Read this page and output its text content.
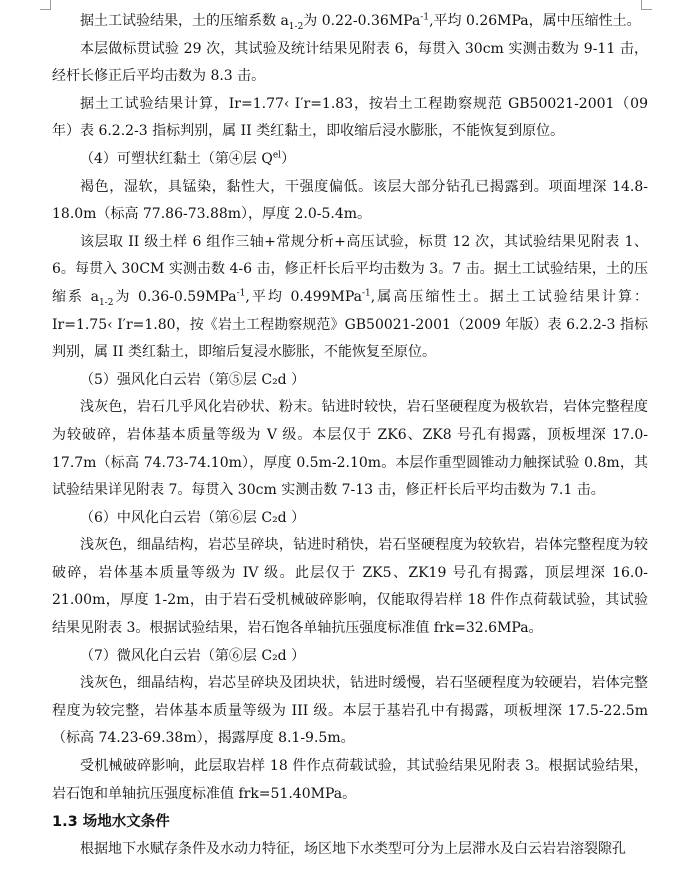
据土工试验结果，土的压缩系数 $a_{1-2}$为 0.22-0.36MPa$^{-1}$,平均 0.26MPa，属中压缩性土。

本层做标贯试验 29 次，其试验及统计结果见附表 6，每贯入 30cm 实测击数为 9-11 击，经杆长修正后平均击数为 8.3 击。

据土工试验结果计算，Ir=1.77‹ I′r=1.83，按岩土工程勘察规范 GB50021-2001（09 年）表 6.2.2-3 指标判别，属 II 类红黏土，即收缩后浸水膨胀，不能恢复到原位。

（4）可塑状红黏土（第④层 $Q^{el}$）

褐色，湿软，具锰染，黏性大，干强度偏低。该层大部分钻孔已揭露到。项面埋深 14.8-18.0m（标高 77.86-73.88m），厚度 2.0-5.4m。

该层取 II 级土样 6 组作三轴+常规分析+高压试验，标贯 12 次，其试验结果见附表 1、6。每贯入 30CM 实测击数 4-6 击，修正杆长后平均击数为 3。7 击。据土工试验结果，土的压缩系 $a_{1-2}$为 0.36-0.59MPa$^{-1}$,平均 0.499MPa$^{-1}$,属高压缩性土。据土工试验结果计算：Ir=1.75‹ I′r=1.80，按《岩土工程勘察规范》GB50021-2001（2009 年版）表 6.2.2-3 指标判别，属 II 类红黏土，即缩后复浸水膨胀，不能恢复至原位。

（5）强风化白云岩（第⑤层 C₂d ）

浅灰色，岩石几乎风化岩砂状、粉末。钻进时较快，岩石坚硬程度为极软岩，岩体完整程度为较破碎，岩体基本质量等级为 V 级。本层仅于 ZK6、ZK8 号孔有揭露，顶板埋深 17.0-17.7m（标高 74.73-74.10m），厚度 0.5m-2.10m。本层作重型圆锥动力触探试验 0.8m，其试验结果详见附表 7。每贯入 30cm 实测击数 7-13 击，修正杆长后平均击数为 7.1 击。

（6）中风化白云岩（第⑥层 C₂d ）

浅灰色，细晶结构，岩芯呈碎块，钻进时稍快，岩石坚硬程度为较软岩，岩体完整程度为较破碎，岩体基本质量等级为 IV 级。此层仅于 ZK5、ZK19 号孔有揭露，顶层埋深 16.0-21.00m，厚度 1-2m，由于岩石受机械破碎影响，仅能取得岩样 18 件作点荷载试验，其试验结果见附表 3。根据试验结果，岩石饱各单轴抗压强度标准值 frk=32.6MPa。

（7）微风化白云岩（第⑥层 C₂d ）

浅灰色，细晶结构，岩芯呈碎块及团块状，钻进时缓慢，岩石坚硬程度为较硬岩，岩体完整程度为较完整，岩体基本质量等级为 III 级。本层于基岩孔中有揭露，项板埋深 17.5-22.5m（标高 74.23-69.38m），揭露厚度 8.1-9.5m。

受机械破碎影响，此层取岩样 18 件作点荷载试验，其试验结果见附表 3。根据试验结果，岩石饱和单轴抗压强度标准值 frk=51.40MPa。

1.3 场地水文条件

根据地下水赋存条件及水动力特征，场区地下水类型可分为上层滞水及白云岩岩溶裂隙孔
